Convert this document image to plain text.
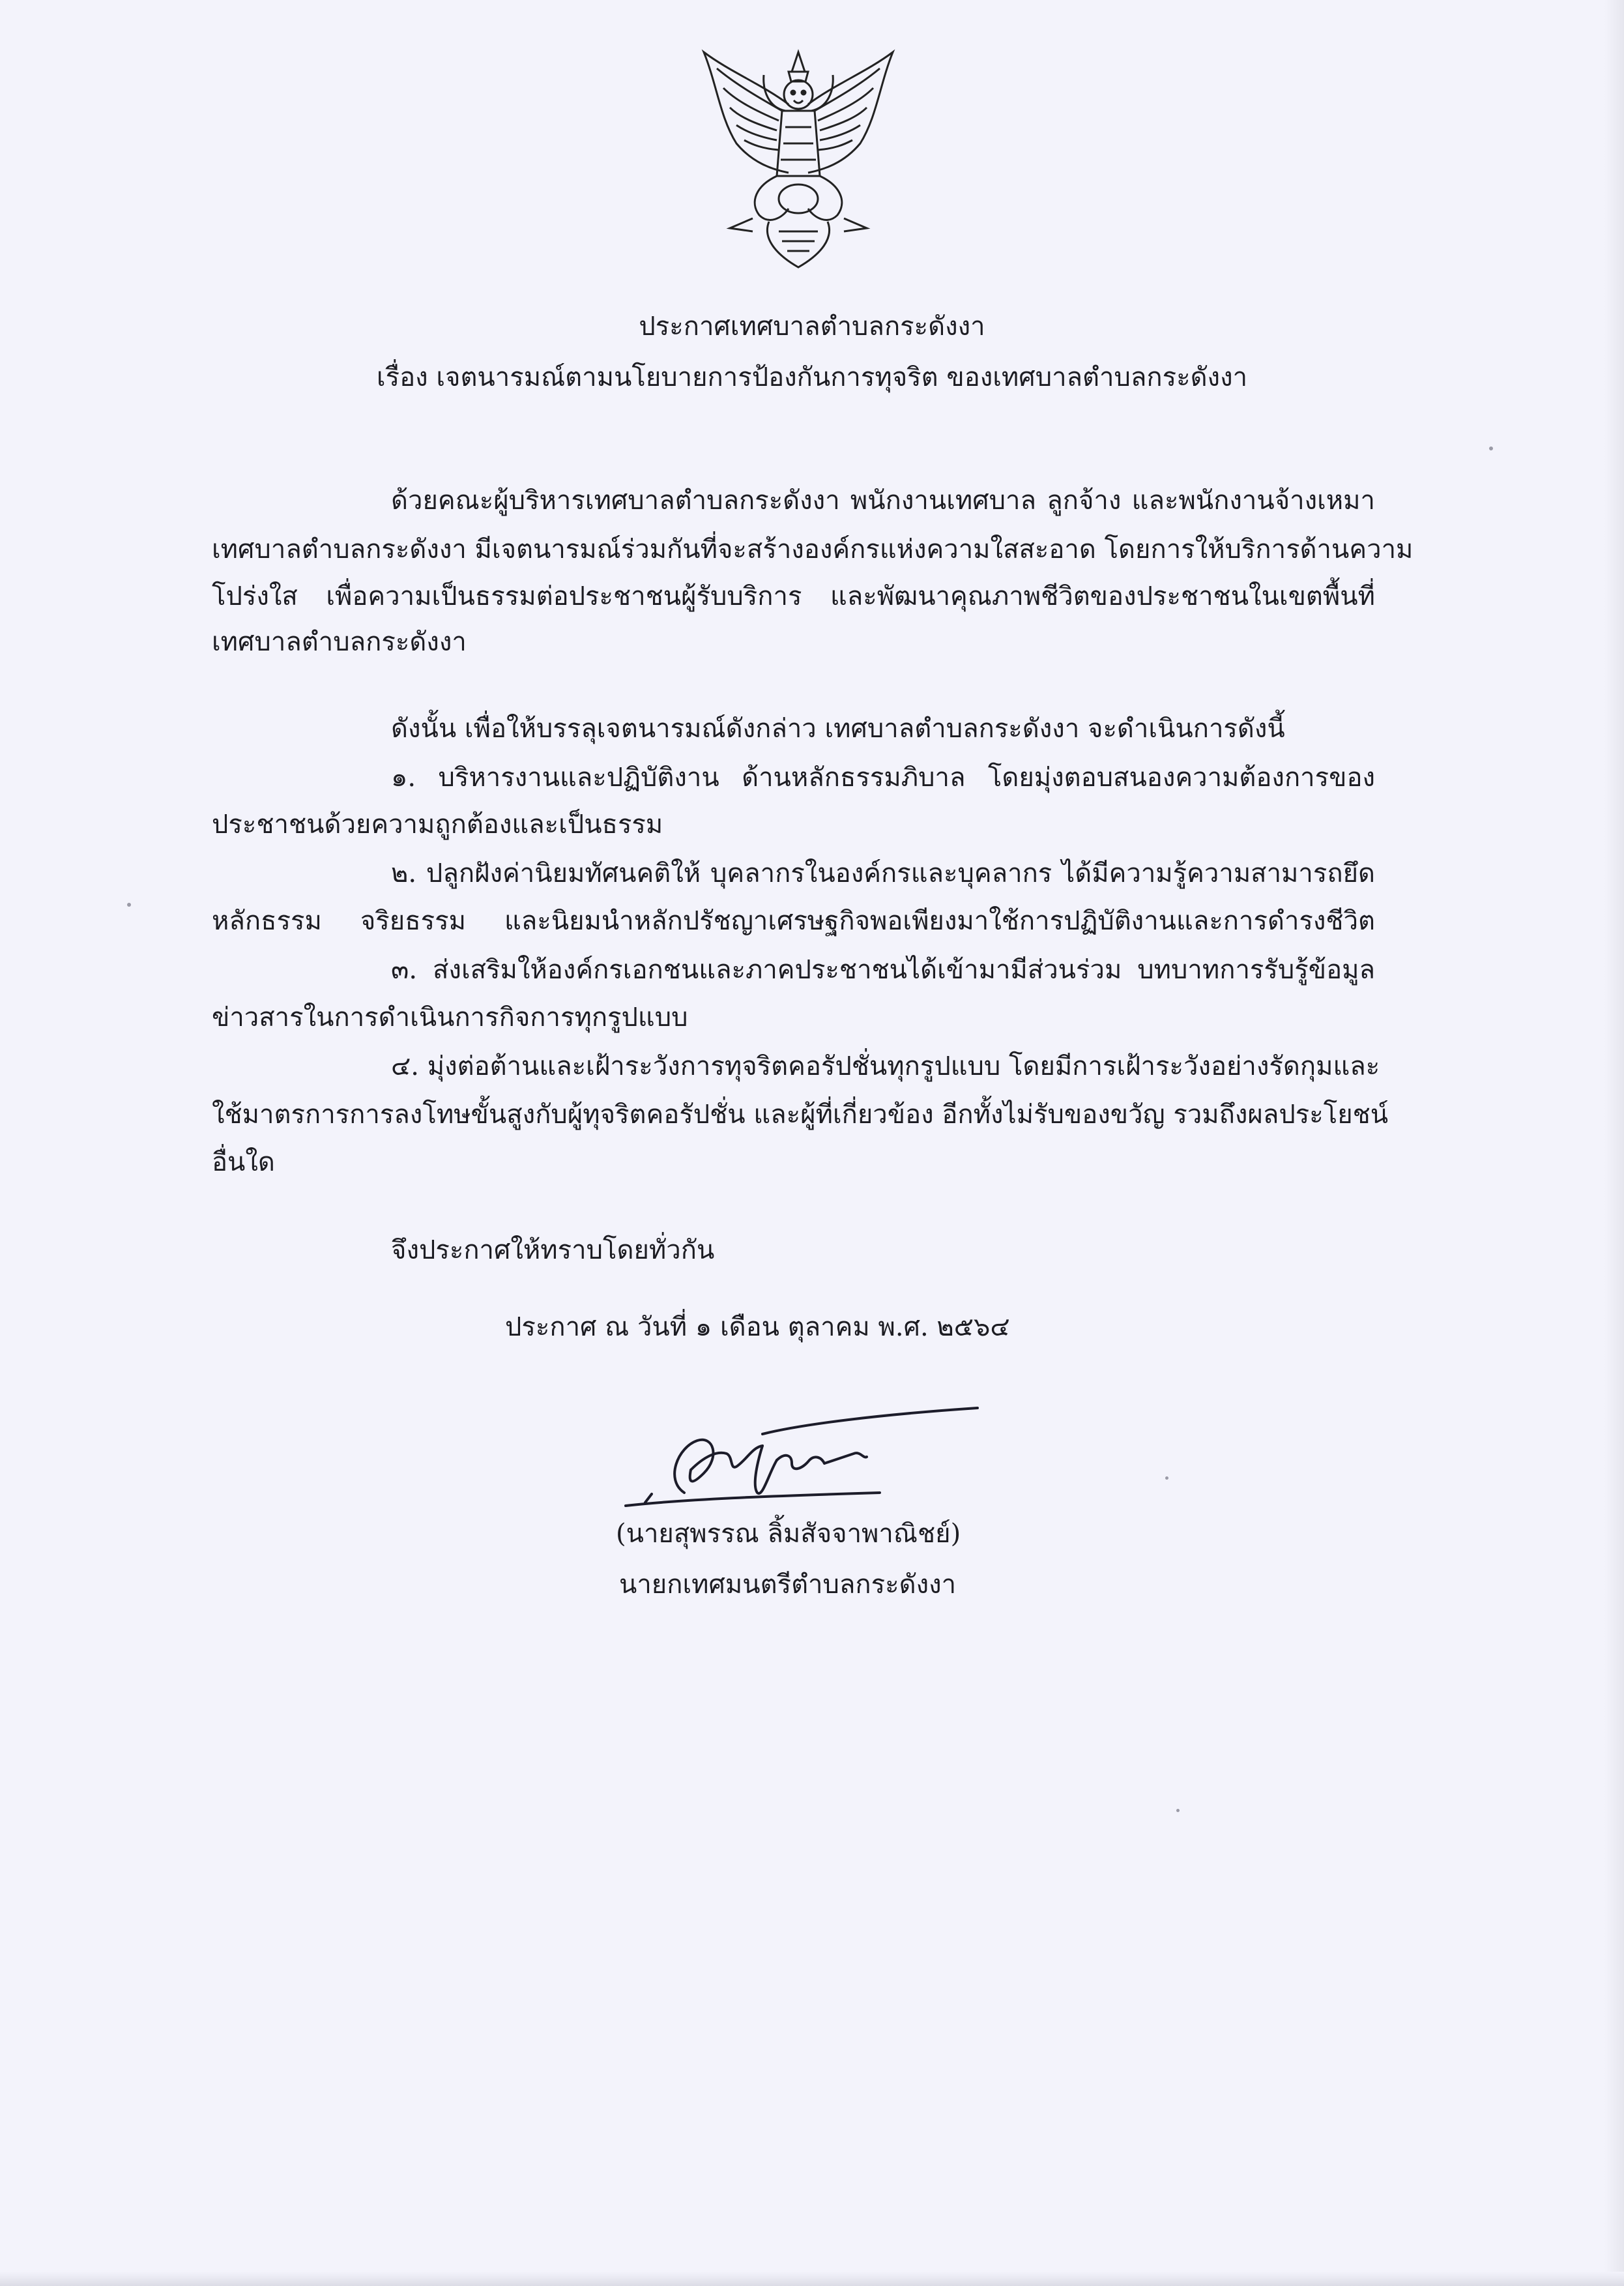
ประกาศเทศบาลตำบลกระดังงา
เรื่อง เจตนารมณ์ตามนโยบายการป้องกันการทุจริต ของเทศบาลตำบลกระดังงา
ด้วยคณะผู้บริหารเทศบาลตำบลกระดังงา พนักงานเทศบาล ลูกจ้าง และพนักงานจ้างเหมา
เทศบาลตำบลกระดังงา มีเจตนารมณ์ร่วมกันที่จะสร้างองค์กรแห่งความใสสะอาด โดยการให้บริการด้านความ
โปร่งใส เพื่อความเป็นธรรมต่อประชาชนผู้รับบริการ และพัฒนาคุณภาพชีวิตของประชาชนในเขตพื้นที่
เทศบาลตำบลกระดังงา
ดังนั้น เพื่อให้บรรลุเจตนารมณ์ดังกล่าว เทศบาลตำบลกระดังงา จะดำเนินการดังนี้
๑. บริหารงานและปฏิบัติงาน ด้านหลักธรรมภิบาล โดยมุ่งตอบสนองความต้องการของ
ประชาชนด้วยความถูกต้องและเป็นธรรม
๒. ปลูกฝังค่านิยมทัศนคติให้ บุคลากรในองค์กรและบุคลากร ได้มีความรู้ความสามารถยึด
หลักธรรม จริยธรรม และนิยมนำหลักปรัชญาเศรษฐกิจพอเพียงมาใช้การปฏิบัติงานและการดำรงชีวิต
๓. ส่งเสริมให้องค์กรเอกชนและภาคประชาชนได้เข้ามามีส่วนร่วม บทบาทการรับรู้ข้อมูล
ข่าวสารในการดำเนินการกิจการทุกรูปแบบ
๔. มุ่งต่อต้านและเฝ้าระวังการทุจริตคอรัปชั่นทุกรูปแบบ โดยมีการเฝ้าระวังอย่างรัดกุมและ
ใช้มาตรการการลงโทษขั้นสูงกับผู้ทุจริตคอรัปชั่น และผู้ที่เกี่ยวข้อง อีกทั้งไม่รับของขวัญ รวมถึงผลประโยชน์
อื่นใด
จึงประกาศให้ทราบโดยทั่วกัน
ประกาศ ณ วันที่ ๑ เดือน ตุลาคม พ.ศ. ๒๕๖๔
(นายสุพรรณ ลิ้มสัจจาพาณิชย์)
นายกเทศมนตรีตำบลกระดังงา
